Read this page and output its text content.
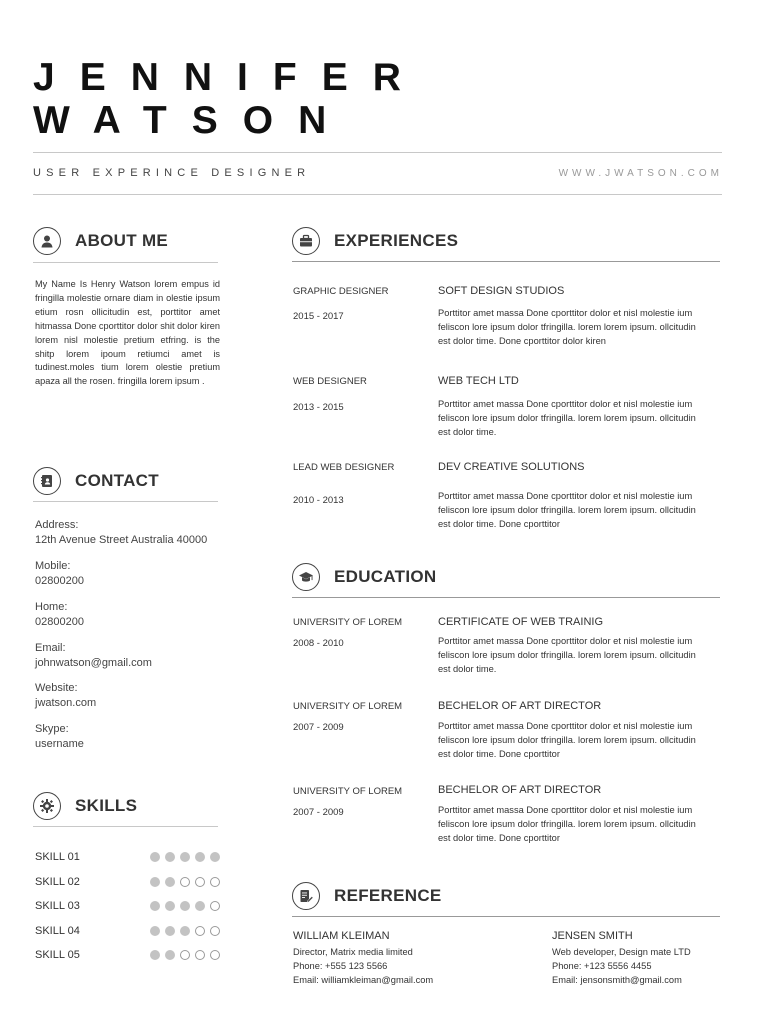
JENNIFER
WATSON
USER EXPERINCE DESIGNER	WWW.JWATSON.COM
ABOUT ME
My Name Is Henry Watson lorem empus id fringilla molestie ornare diam in olestie ipsum etium rosn ollicitudin est, porttitor amet hitmassa Done cporttitor dolor shit dolor kiren lorem nisl molestie pretium etfring. is the shitp lorem ipoum retiumci amet is tudinest.moles tium lorem olestie pretium apaza all the rosen. fringilla lorem ipsum .
CONTACT
Address:
12th Avenue Street Australia 40000
Mobile:
02800200
Home:
02800200
Email:
johnwatson@gmail.com
Website:
jwatson.com
Skype:
username
SKILLS
SKILL 01
SKILL 02
SKILL 03
SKILL 04
SKILL 05
EXPERIENCES
GRAPHIC DESIGNER
2015 - 2017
SOFT DESIGN STUDIOS
Porttitor amet massa Done cporttitor dolor et nisl molestie ium
feliscon lore ipsum dolor tfringilla. lorem lorem ipsum. ollcitudin
est dolor time. Done cporttitor dolor kiren
WEB DESIGNER
2013 - 2015
WEB TECH LTD
Porttitor amet massa Done cporttitor dolor et nisl molestie ium
feliscon lore ipsum dolor tfringilla. lorem lorem ipsum. ollcitudin
est dolor time.
LEAD WEB DESIGNER
2010 - 2013
DEV CREATIVE SOLUTIONS
Porttitor amet massa Done cporttitor dolor et nisl molestie ium
feliscon lore ipsum dolor tfringilla. lorem lorem ipsum. ollcitudin
est dolor time. Done cporttitor
EDUCATION
UNIVERSITY OF LOREM
2008 - 2010
CERTIFICATE OF WEB TRAINIG
Porttitor amet massa Done cporttitor dolor et nisl molestie ium
feliscon lore ipsum dolor tfringilla. lorem lorem ipsum. ollcitudin
est dolor time.
UNIVERSITY OF LOREM
2007 - 2009
BECHELOR OF ART DIRECTOR
Porttitor amet massa Done cporttitor dolor et nisl molestie ium
feliscon lore ipsum dolor tfringilla. lorem lorem ipsum. ollcitudin
est dolor time. Done cporttitor
UNIVERSITY OF LOREM
2007 - 2009
BECHELOR OF ART DIRECTOR
Porttitor amet massa Done cporttitor dolor et nisl molestie ium
feliscon lore ipsum dolor tfringilla. lorem lorem ipsum. ollcitudin
est dolor time. Done cporttitor
REFERENCE
WILLIAM KLEIMAN
Director, Matrix media limited
Phone: +555 123 5566
Email: williamkleiman@gmail.com
JENSEN SMITH
Web developer, Design mate LTD
Phone: +123 5556 4455
Email: jensonsmith@gmail.com
